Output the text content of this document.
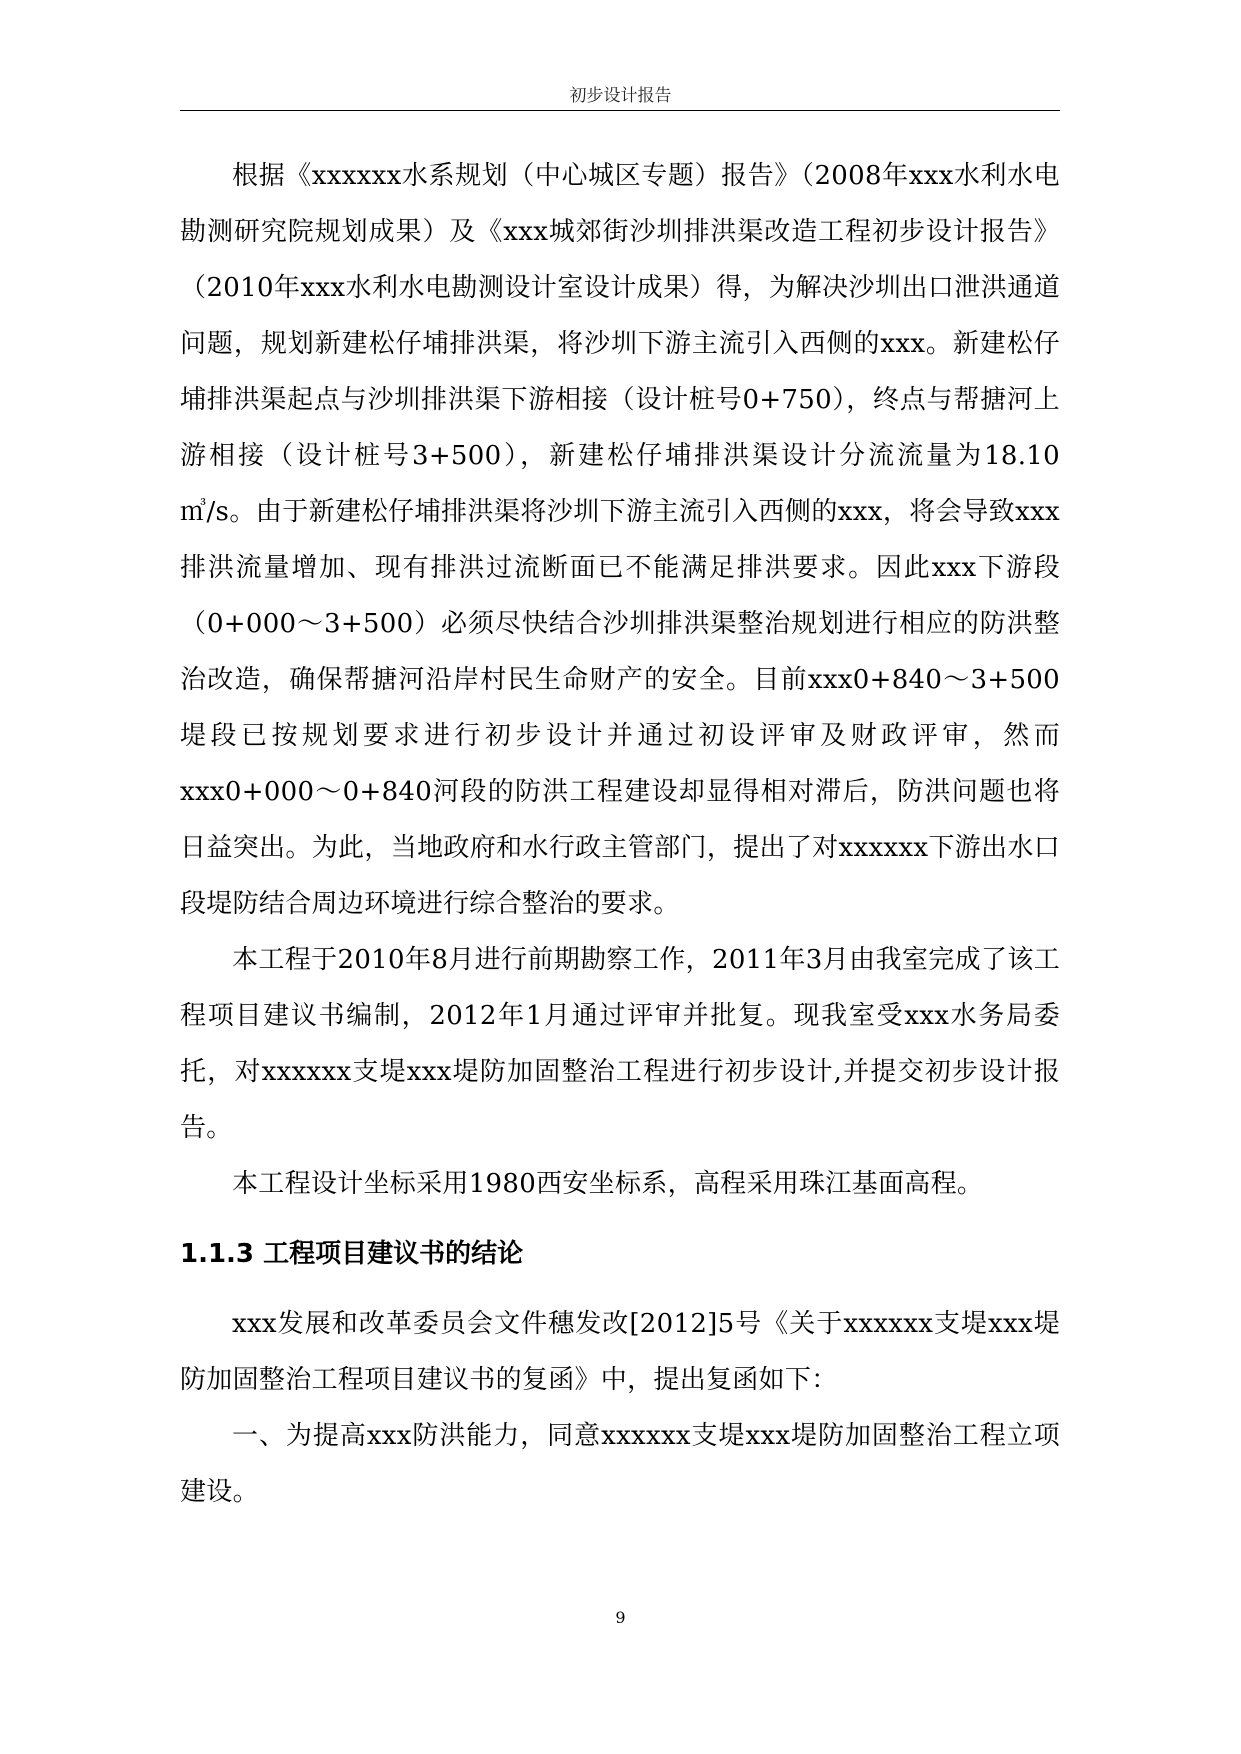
初步设计报告

根据《xxxxxx水系规划（中心城区专题）报告》（2008年xxx水利水电勘测研究院规划成果）及《xxx城郊街沙圳排洪渠改造工程初步设计报告》（2010年xxx水利水电勘测设计室设计成果）得，为解决沙圳出口泄洪通道问题，规划新建松仔埔排洪渠，将沙圳下游主流引入西侧的xxx。新建松仔埔排洪渠起点与沙圳排洪渠下游相接（设计桩号0+750），终点与帮搪河上游相接（设计桩号3+500），新建松仔埔排洪渠设计分流流量为18.10㎥/s。由于新建松仔埔排洪渠将沙圳下游主流引入西侧的xxx，将会导致xxx排洪流量增加、现有排洪过流断面已不能满足排洪要求。因此xxx下游段（0+000～3+500）必须尽快结合沙圳排洪渠整治规划进行相应的防洪整治改造，确保帮搪河沿岸村民生命财产的安全。目前xxx0+840～3+500堤段已按规划要求进行初步设计并通过初设评审及财政评审，然而xxx0+000～0+840河段的防洪工程建设却显得相对滞后，防洪问题也将日益突出。为此，当地政府和水行政主管部门，提出了对xxxxxx下游出水口段堤防结合周边环境进行综合整治的要求。

本工程于2010年8月进行前期勘察工作，2011年3月由我室完成了该工程项目建议书编制，2012年1月通过评审并批复。现我室受xxx水务局委托，对xxxxxx支堤xxx堤防加固整治工程进行初步设计,并提交初步设计报告。

本工程设计坐标采用1980西安坐标系，高程采用珠江基面高程。

1.1.3 工程项目建议书的结论

xxx发展和改革委员会文件穗发改[2012]5号《关于xxxxxx支堤xxx堤防加固整治工程项目建议书的复函》中，提出复函如下：

一、为提高xxx防洪能力，同意xxxxxx支堤xxx堤防加固整治工程立项建设。

9
